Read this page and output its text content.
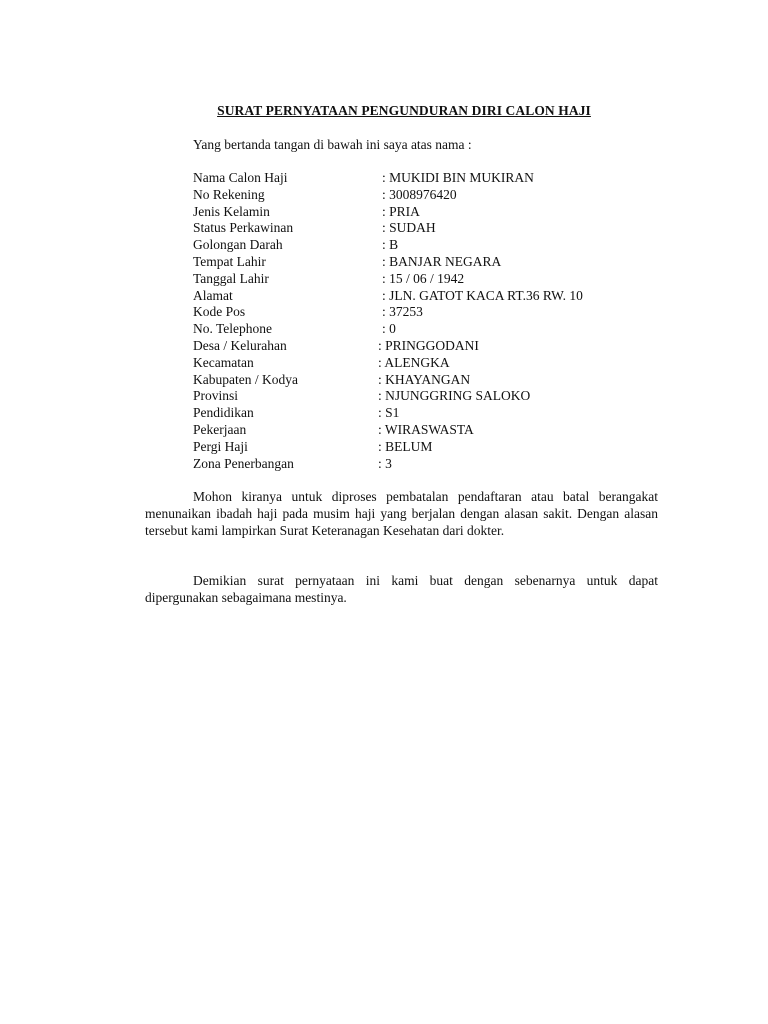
SURAT PERNYATAAN PENGUNDURAN DIRI CALON HAJI

Yang bertanda tangan di bawah ini saya atas nama :

Nama Calon Haji	: MUKIDI BIN MUKIRAN
No Rekening	: 3008976420
Jenis Kelamin	: PRIA
Status Perkawinan	: SUDAH
Golongan Darah	: B
Tempat Lahir	: BANJAR NEGARA
Tanggal Lahir	: 15 / 06 / 1942
Alamat	: JLN. GATOT KACA RT.36 RW. 10
Kode Pos	: 37253
No. Telephone	: 0
Desa / Kelurahan	: PRINGGODANI
Kecamatan	: ALENGKA
Kabupaten / Kodya	: KHAYANGAN
Provinsi	: NJUNGGRING SALOKO
Pendidikan	: S1
Pekerjaan	: WIRASWASTA
Pergi Haji	: BELUM
Zona Penerbangan	: 3

Mohon kiranya untuk diproses pembatalan pendaftaran atau batal berangakat menunaikan ibadah haji pada musim haji yang berjalan dengan alasan sakit. Dengan alasan tersebut kami lampirkan Surat Keteranagan Kesehatan dari dokter.

Demikian surat pernyataan ini kami buat dengan sebenarnya untuk dapat dipergunakan sebagaimana mestinya.
